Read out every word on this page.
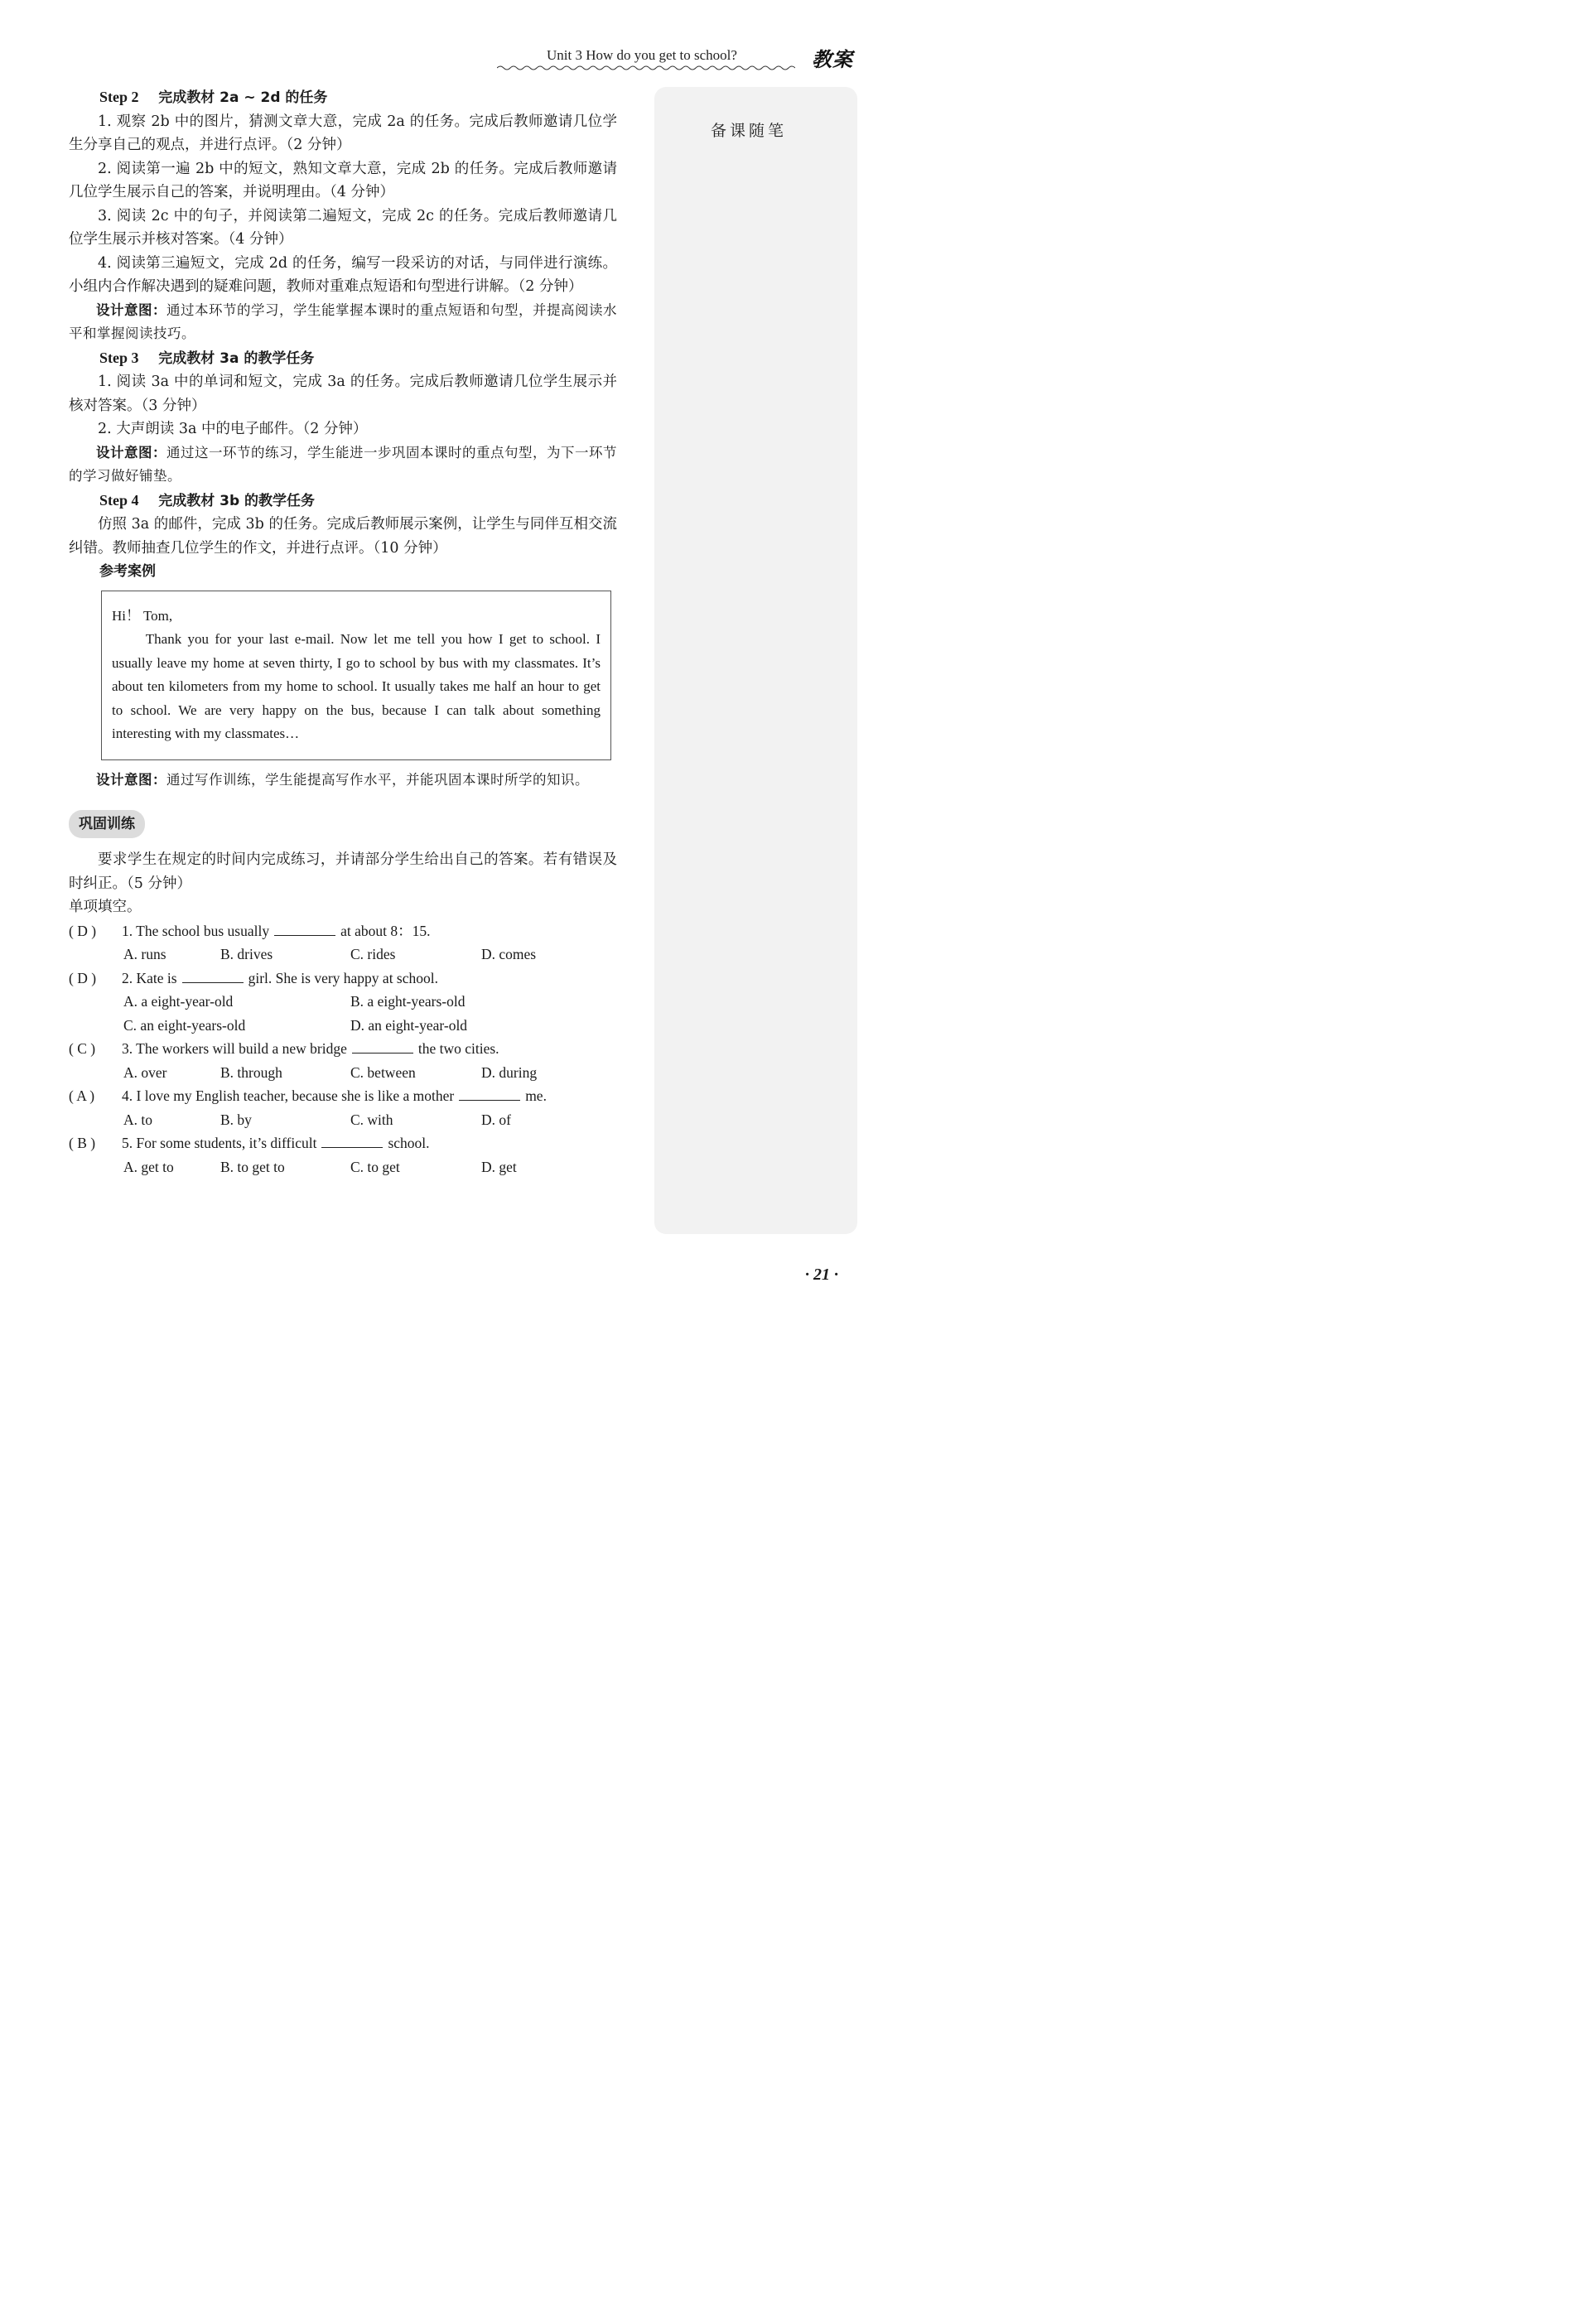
Unit 3 How do you get to school?	教案
备课随笔
Step 2 完成教材 2a ~ 2d 的任务
1. 观察 2b 中的图片，猜测文章大意，完成 2a 的任务。完成后教师邀请几位学生分享自己的观点，并进行点评。（2 分钟）
2. 阅读第一遍 2b 中的短文，熟知文章大意，完成 2b 的任务。完成后教师邀请几位学生展示自己的答案，并说明理由。（4 分钟）
3. 阅读 2c 中的句子，并阅读第二遍短文，完成 2c 的任务。完成后教师邀请几位学生展示并核对答案。（4 分钟）
4. 阅读第三遍短文，完成 2d 的任务，编写一段采访的对话，与同伴进行演练。小组内合作解决遇到的疑难问题，教师对重难点短语和句型进行讲解。（2 分钟）
设计意图：通过本环节的学习，学生能掌握本课时的重点短语和句型，并提高阅读水平和掌握阅读技巧。
Step 3 完成教材 3a 的教学任务
1. 阅读 3a 中的单词和短文，完成 3a 的任务。完成后教师邀请几位学生展示并核对答案。（3 分钟）
2. 大声朗读 3a 中的电子邮件。（2 分钟）
设计意图：通过这一环节的练习，学生能进一步巩固本课时的重点句型，为下一环节的学习做好铺垫。
Step 4 完成教材 3b 的教学任务
仿照 3a 的邮件，完成 3b 的任务。完成后教师展示案例，让学生与同伴互相交流纠错。教师抽查几位学生的作文，并进行点评。（10 分钟）
参考案例
Hi！ Tom,
Thank you for your last e-mail. Now let me tell you how I get to school. I usually leave my home at seven thirty, I go to school by bus with my classmates. It’s about ten kilometers from my home to school. It usually takes me half an hour to get to school. We are very happy on the bus, because I can talk about something interesting with my classmates…
设计意图：通过写作训练，学生能提高写作水平，并能巩固本课时所学的知识。
巩固训练
要求学生在规定的时间内完成练习，并请部分学生给出自己的答案。若有错误及时纠正。（5 分钟）
单项填空。
( D ) 1. The school bus usually	at about 8：15.
A. runs	B. drives	C. rides	D. comes
( D ) 2. Kate is	girl. She is very happy at school.
A. a eight-year-old	B. a eight-years-old
C. an eight-years-old	D. an eight-year-old
( C ) 3. The workers will build a new bridge	the two cities.
A. over	B. through	C. between	D. during
( A ) 4. I love my English teacher, because she is like a mother	me.
A. to	B. by	C. with	D. of
( B ) 5. For some students, it’s difficult	school.
A. get to	B. to get to	C. to get	D. get
· 21 ·
